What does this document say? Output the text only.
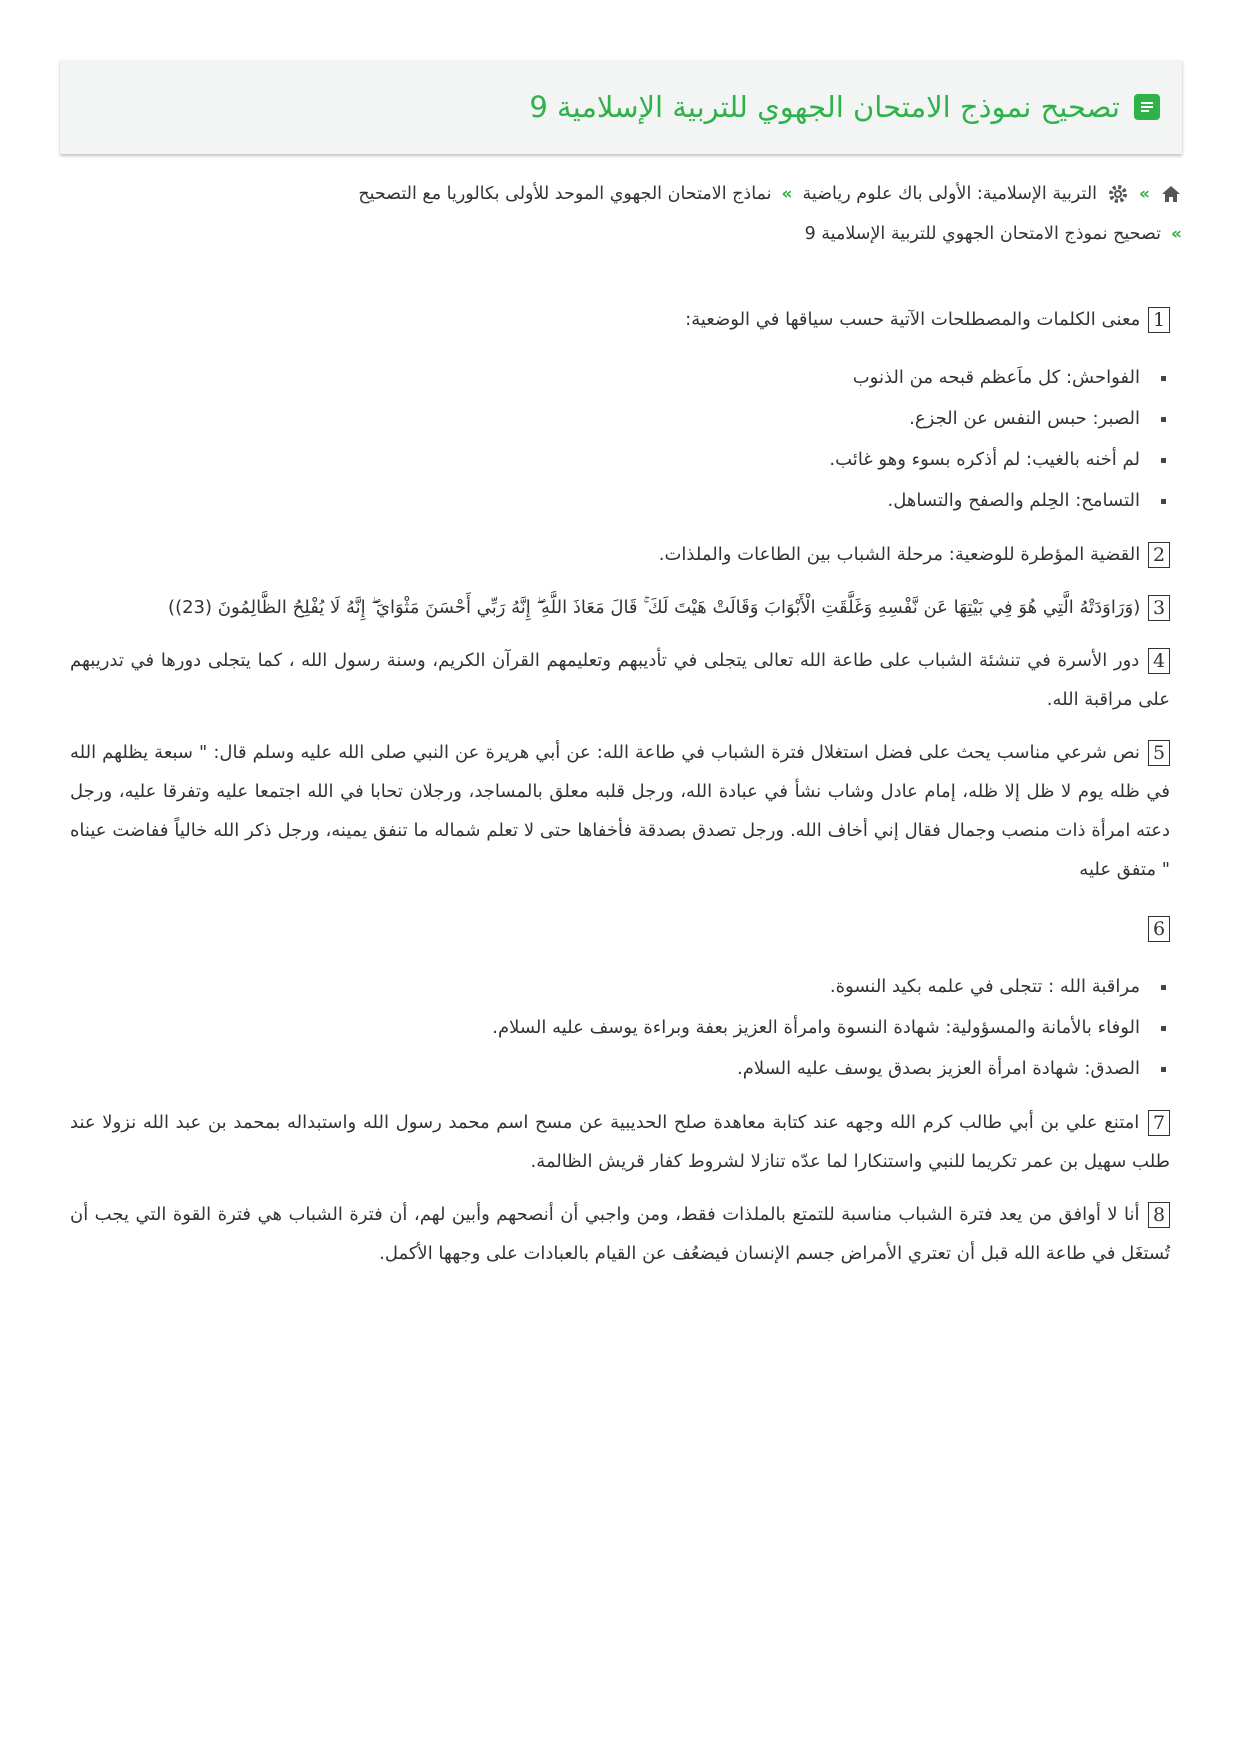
تصحيح نموذج الامتحان الجهوي للتربية الإسلامية 9
»
التربية الإسلامية: الأولى باك علوم رياضية
»
نماذج الامتحان الجهوي الموحد للأولى بكالوريا مع التصحيح
»
تصحيح نموذج الامتحان الجهوي للتربية الإسلامية 9
1 معنى الكلمات والمصطلحات الآتية حسب سياقها في الوضعية:
الفواحش: كل ماَعظم قبحه من الذنوب
الصبر: حبس النفس عن الجزع.
لم أخنه بالغيب: لم أذكره بسوء وهو غائب.
التسامح: الحِلم والصفح والتساهل.
2 القضية المؤطرة للوضعية: مرحلة الشباب بين الطاعات والملذات.
3 (وَرَاوَدَتْهُ الَّتِي هُوَ فِي بَيْتِهَا عَن نَّفْسِهِ وَغَلَّقَتِ الْأَبْوَابَ وَقَالَتْ هَيْتَ لَكَ ۚ قَالَ مَعَاذَ اللَّهِ ۖ إِنَّهُ رَبِّي أَحْسَنَ مَثْوَايَ ۖ إِنَّهُ لَا يُفْلِحُ الظَّالِمُونَ (23))
4 دور الأسرة في تنشئة الشباب على طاعة الله تعالى يتجلى في تأديبهم وتعليمهم القرآن الكريم، وسنة رسول الله ، كما يتجلى دورها في تدريبهم على مراقبة الله.
5 نص شرعي مناسب يحث على فضل استغلال فترة الشباب في طاعة الله: عن أبي هريرة عن النبي صلى الله عليه وسلم قال: " سبعة يظلهم الله في ظله يوم لا ظل إلا ظله، إمام عادل وشاب نشأ في عبادة الله، ورجل قلبه معلق بالمساجد، ورجلان تحابا في الله اجتمعا عليه وتفرقا عليه، ورجل دعته امرأة ذات منصب وجمال فقال إني أخاف الله. ورجل تصدق بصدقة فأخفاها حتى لا تعلم شماله ما تنفق يمينه، ورجل ذكر الله خالياً ففاضت عيناه " متفق عليه
6
مراقبة الله : تتجلى في علمه بكيد النسوة.
الوفاء بالأمانة والمسؤولية: شهادة النسوة وامرأة العزيز بعفة وبراءة يوسف عليه السلام.
الصدق: شهادة امرأة العزيز بصدق يوسف عليه السلام.
7 امتنع علي بن أبي طالب كرم الله وجهه عند كتابة معاهدة صلح الحديبية عن مسح اسم محمد رسول الله واستبداله بمحمد بن عبد الله نزولا عند طلب سهيل بن عمر تكريما للنبي واستنكارا لما عدّه تنازلا لشروط كفار قريش الظالمة.
8 أنا لا أوافق من يعد فترة الشباب مناسبة للتمتع بالملذات فقط، ومن واجبي أن أنصحهم وأبين لهم، أن فترة الشباب هي فترة القوة التي يجب أن تُستغَل في طاعة الله قبل أن تعتري الأمراض جسم الإنسان فيضعُف عن القيام بالعبادات على وجهها الأكمل.
